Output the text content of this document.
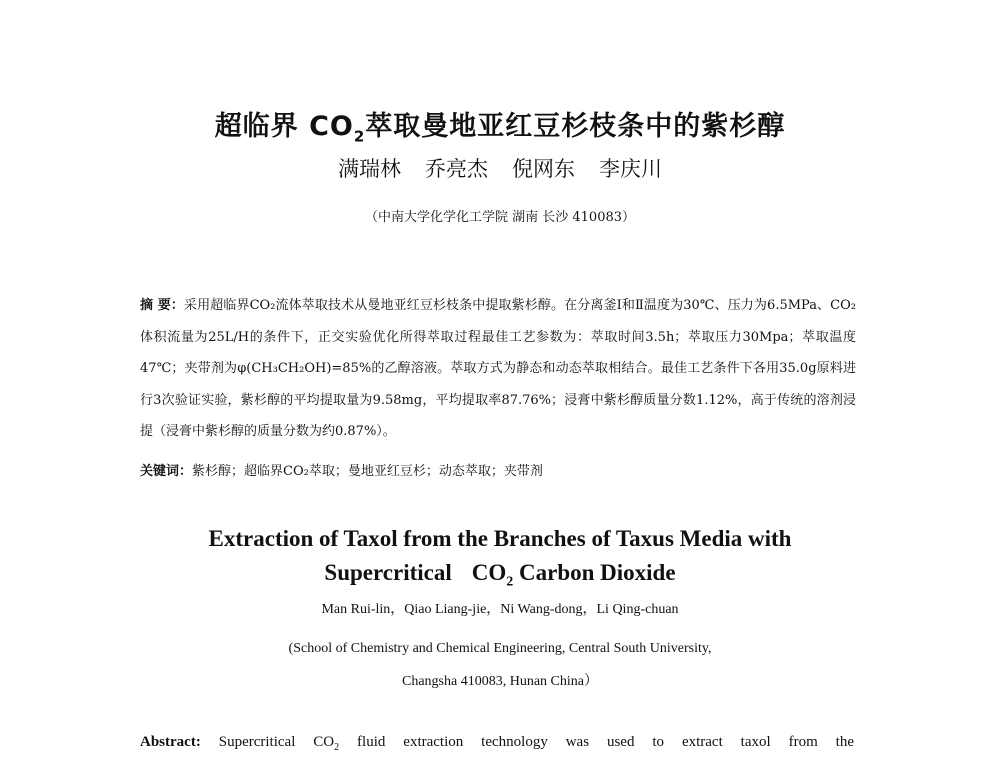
超临界 $CO_2$萃取曼地亚红豆杉枝条中的紫杉醇
满瑞林 乔亮杰 倪网东 李庆川
（中南大学化学化工学院 湖南 长沙 410083）
摘 要：采用超临界CO₂流体萃取技术从曼地亚红豆杉枝条中提取紫杉醇。在分离釜Ⅰ和Ⅱ温度为30℃、压力为6.5MPa、CO₂体积流量为25L/H的条件下，正交实验优化所得萃取过程最佳工艺参数为：萃取时间3.5h；萃取压力30Mpa；萃取温度47℃；夹带剂为φ(CH₃CH₂OH)=85%的乙醇溶液。萃取方式为静态和动态萃取相结合。最佳工艺条件下各用35.0g原料进行3次验证实验，紫杉醇的平均提取量为9.58mg，平均提取率87.76%；浸膏中紫杉醇质量分数1.12%，高于传统的溶剂浸提（浸膏中紫杉醇的质量分数为约0.87%）。
关键词：紫杉醇；超临界CO₂萃取；曼地亚红豆杉；动态萃取；夹带剂
Extraction of Taxol from the Branches of Taxus Media with
Supercritical $CO_2$ Carbon Dioxide
Man Rui-lin，Qiao Liang-jie，Ni Wang-dong，Li Qing-chuan
(School of Chemistry and Chemical Engineering, Central South University,
Changsha 410083, Hunan China）
Abstract: Supercritical $CO_2$ fluid extraction technology was used to extract taxol from the
